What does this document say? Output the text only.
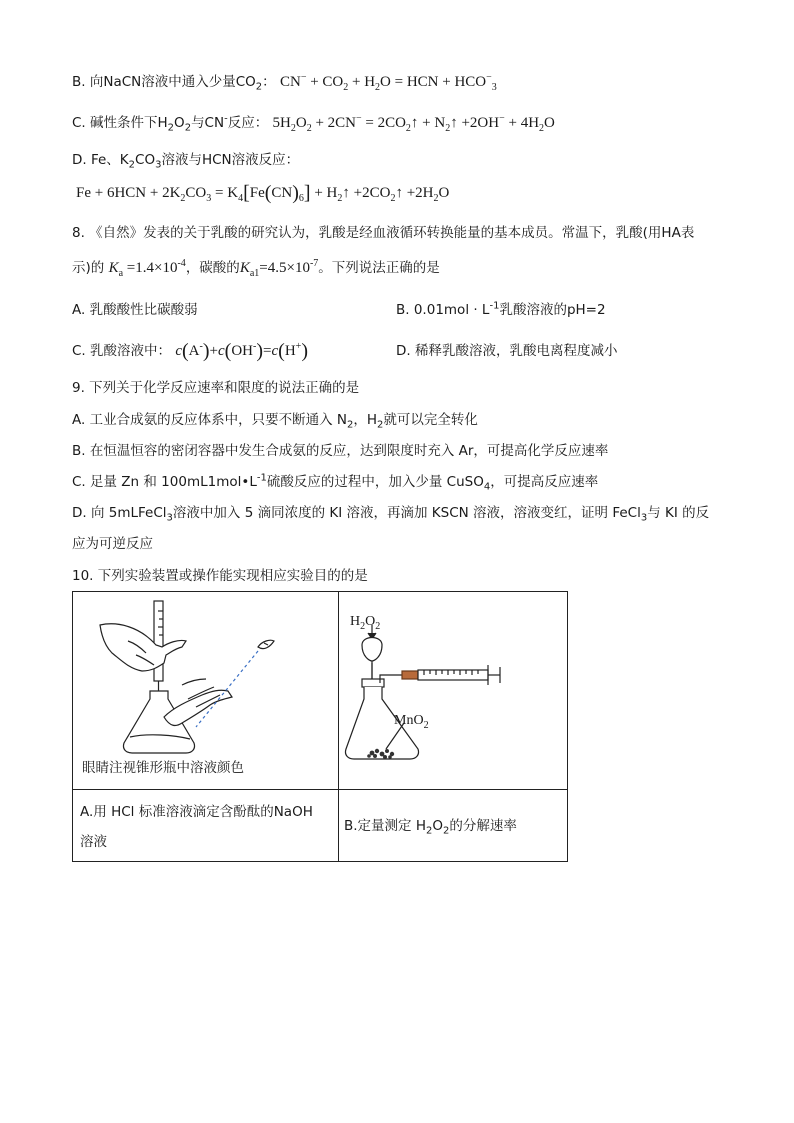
B. 向NaCN溶液中通入少量$CO_2$： $CN^- + CO_2 + H_2O$ = HCN + $HCO^-_3$
C. 碱性条件下$H_2O_2$与CN-反应： $5H_2O_2 + 2CN^-$ = $2CO_2↑$ + $N_2↑ +2OH^- + 4H_2O$
D. Fe、$K_2CO_3$溶液与HCN溶液反应：
$Fe + 6HCN + 2K_2CO_3 = K_4[Fe(CN)_6]$ + $H_2↑$ $+2CO_2↑ +2H_2O$
8. 《自然》发表的关于乳酸的研究认为，乳酸是经血液循环转换能量的基本成员。常温下，乳酸(用HA表
示)的 $K_a =1.4\times 10^{-4}$，碳酸的$K_{a1}=4.5\times 10^{-7}$。下列说法正确的是
A. 乳酸酸性比碳酸弱	B. $0.01mol \cdot L^{-1}$乳酸溶液的pH=2
C. 乳酸溶液中： c(A-)+c(OH-)=c(H+)	D. 稀释乳酸溶液，乳酸电离程度减小
9. 下列关于化学反应速率和限度的说法正确的是
A. 工业合成氨的反应体系中，只要不断通入 $N_2$，$H_2$就可以完全转化
B. 在恒温恒容的密闭容器中发生合成氨的反应，达到限度时充入 Ar，可提高化学反应速率
C. 足量 Zn 和 $100mL1mol•L^{-1}$硫酸反应的过程中，加入少量 CuSO$_4$，可提高反应速率
D. 向 5mLFeCl$_3$溶液中加入 5 滴同浓度的 KI 溶液，再滴加 KSCN 溶液，溶液变红，证明 FeCl$_3$与 KI 的反
应为可逆反应
10. 下列实验装置或操作能实现相应实验目的的是
眼睛注视锥形瓶中溶液颜色
$H_2O_2$
MnO$_2$
A.用 HCl 标准溶液滴定含酚酞的NaOH
溶液
B.定量测定 $H_2O_2$的分解速率
